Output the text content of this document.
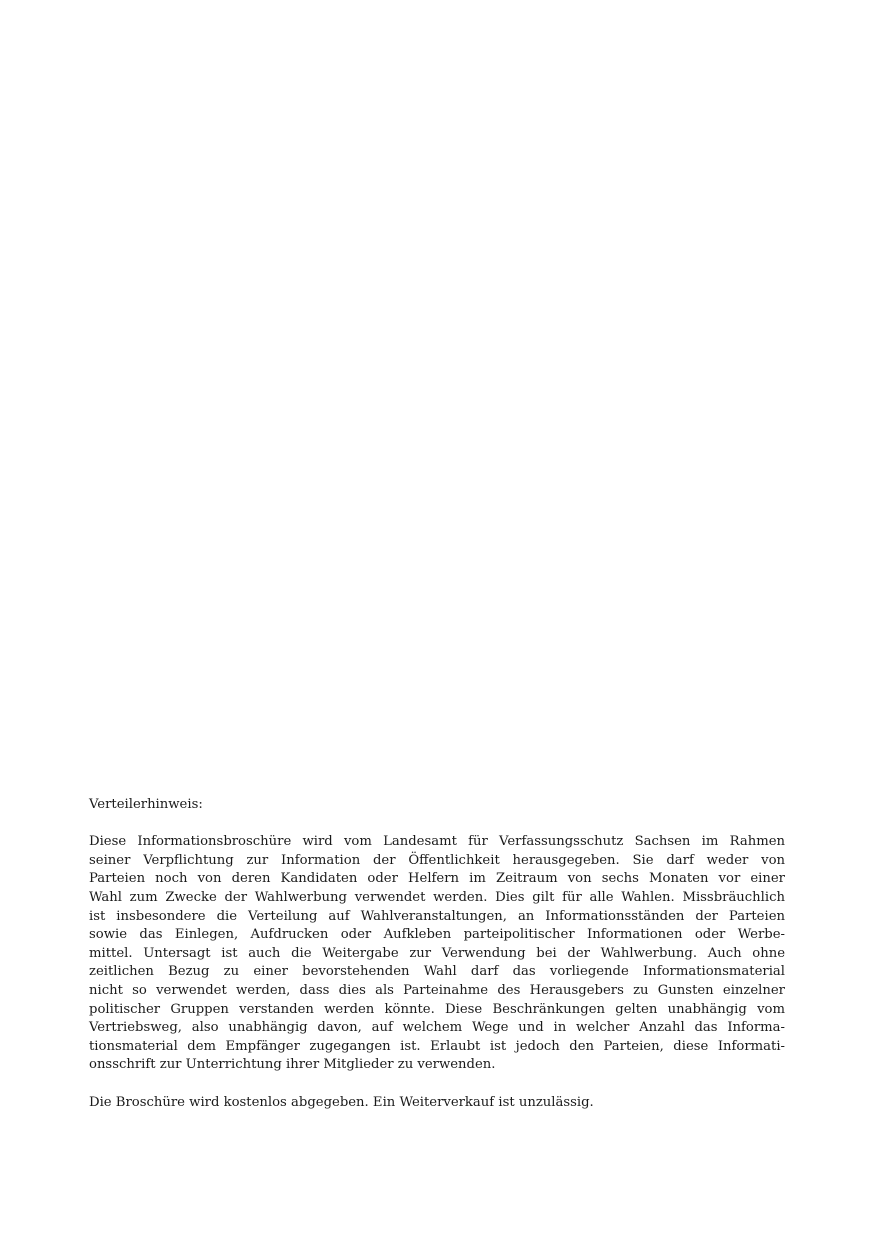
Verteilerhinweis:

Diese Informationsbroschüre wird vom Landesamt für Verfassungsschutz Sachsen im Rahmen
seiner Verpflichtung zur Information der Öffentlichkeit herausgegeben. Sie darf weder von
Parteien noch von deren Kandidaten oder Helfern im Zeitraum von sechs Monaten vor einer
Wahl zum Zwecke der Wahlwerbung verwendet werden. Dies gilt für alle Wahlen. Missbräuchlich
ist insbesondere die Verteilung auf Wahlveranstaltungen, an Informationsständen der Parteien
sowie das Einlegen, Aufdrucken oder Aufkleben parteipolitischer Informationen oder Werbe-
mittel. Untersagt ist auch die Weitergabe zur Verwendung bei der Wahlwerbung. Auch ohne
zeitlichen Bezug zu einer bevorstehenden Wahl darf das vorliegende Informationsmaterial
nicht so verwendet werden, dass dies als Parteinahme des Herausgebers zu Gunsten einzelner
politischer Gruppen verstanden werden könnte. Diese Beschränkungen gelten unabhängig vom
Vertriebsweg, also unabhängig davon, auf welchem Wege und in welcher Anzahl das Informa-
tionsmaterial dem Empfänger zugegangen ist. Erlaubt ist jedoch den Parteien, diese Informati-
onsschrift zur Unterrichtung ihrer Mitglieder zu verwenden.

Die Broschüre wird kostenlos abgegeben. Ein Weiterverkauf ist unzulässig.
